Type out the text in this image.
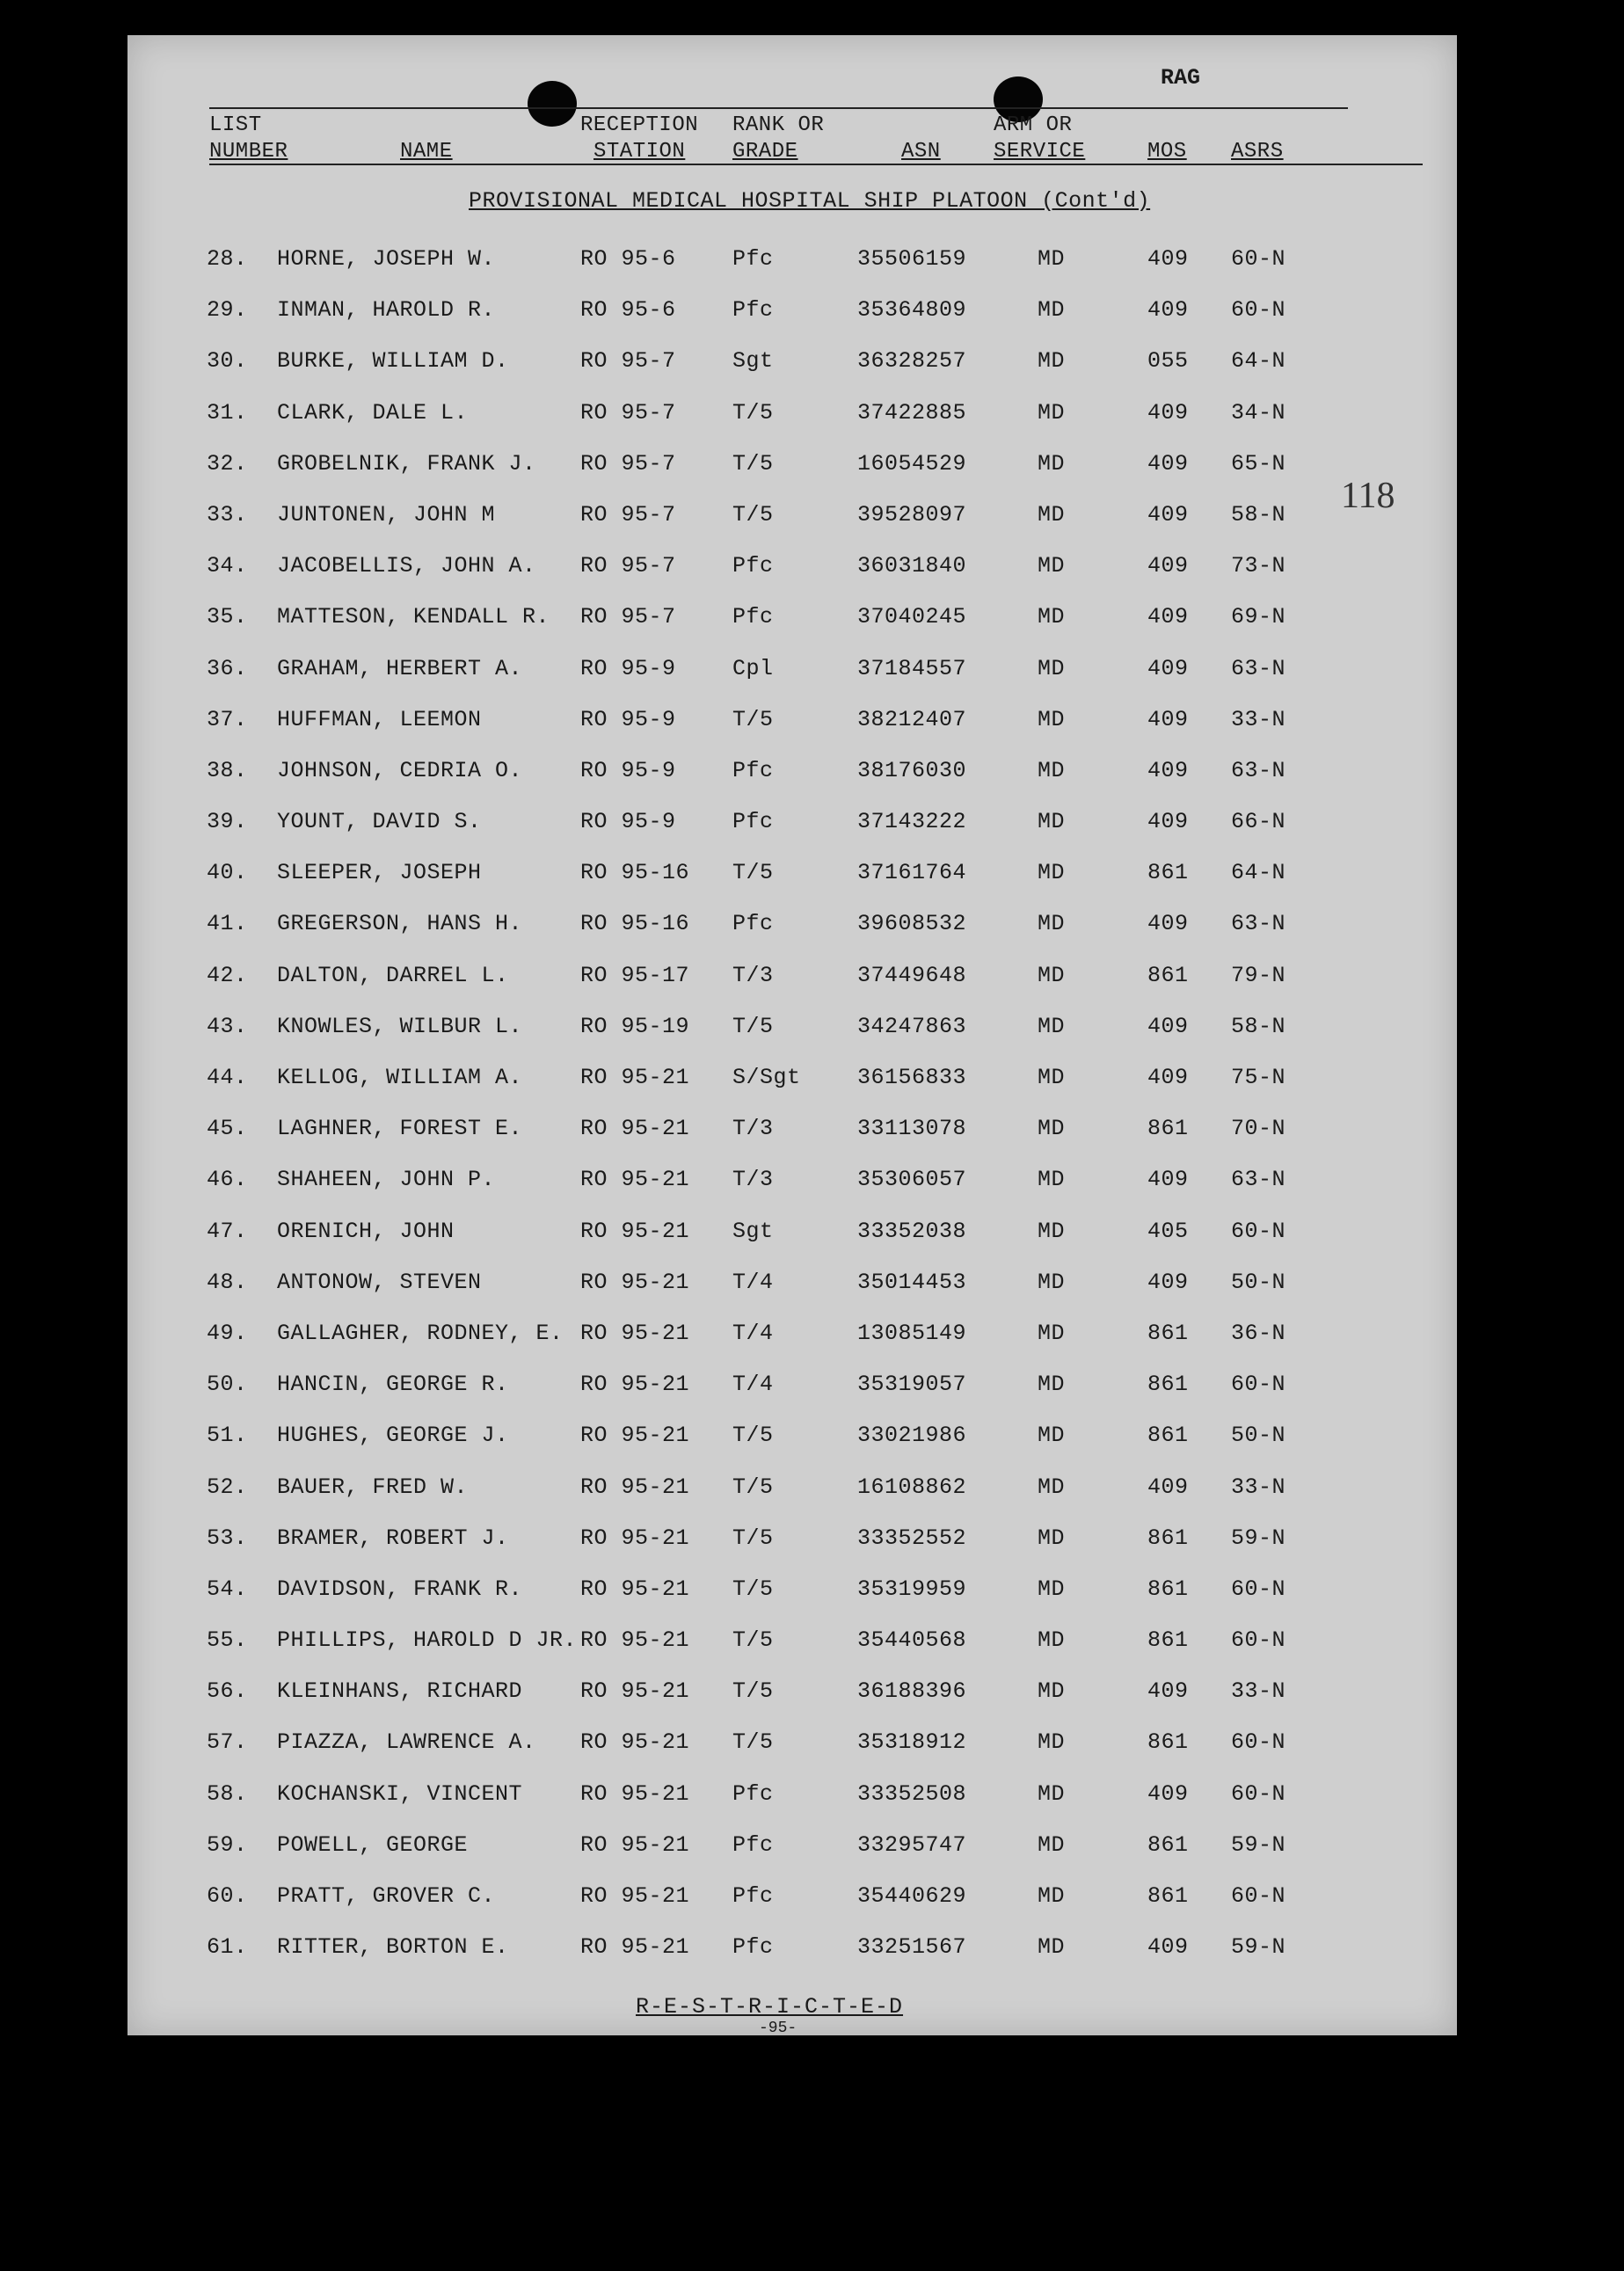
RAG
118
LIST
NUMBER	NAME
RECEPTION
STATION
RANK OR
GRADE	ASN
ARM OR
SERVICE	MOS ASRS
PROVISIONAL MEDICAL HOSPITAL SHIP PLATOON (Cont'd)
28. HORNE, JOSEPH W.	RO 95-6	Pfc	35506159	MD	409 60-N
29. INMAN, HAROLD R.	RO 95-6	Pfc	35364809	MD	409 60-N
30. BURKE, WILLIAM D.	RO 95-7	Sgt	36328257	MD	055 64-N
31. CLARK, DALE L.	RO 95-7	T/5	37422885	MD	409 34-N
32. GROBELNIK, FRANK J. RO 95-7	T/5	16054529	MD	409 65-N
33. JUNTONEN, JOHN M	RO 95-7	T/5	39528097	MD	409 58-N
34. JACOBELLIS, JOHN A. RO 95-7	Pfc	36031840	MD	409 73-N
35. MATTESON, KENDALL R. RO 95-7	Pfc	37040245	MD	409 69-N
36. GRAHAM, HERBERT A.	RO 95-9	Cpl	37184557	MD	409 63-N
37. HUFFMAN, LEEMON	RO 95-9	T/5	38212407	MD	409 33-N
38. JOHNSON, CEDRIA O.	RO 95-9	Pfc	38176030	MD	409 63-N
39. YOUNT, DAVID S.	RO 95-9	Pfc	37143222	MD	409 66-N
40. SLEEPER, JOSEPH	RO 95-16 T/5	37161764	MD	861 64-N
41. GREGERSON, HANS H.	RO 95-16 Pfc	39608532	MD	409 63-N
42. DALTON, DARREL L.	RO 95-17 T/3	37449648	MD	861 79-N
43. KNOWLES, WILBUR L.	RO 95-19 T/5	34247863	MD	409 58-N
44. KELLOG, WILLIAM A.	RO 95-21 S/Sgt	36156833	MD	409 75-N
45. LAGHNER, FOREST E.	RO 95-21 T/3	33113078	MD	861 70-N
46. SHAHEEN, JOHN P.	RO 95-21 T/3	35306057	MD	409 63-N
47. ORENICH, JOHN	RO 95-21 Sgt	33352038	MD	405 60-N
48. ANTONOW, STEVEN	RO 95-21 T/4	35014453	MD	409 50-N
49. GALLAGHER, RODNEY, E. RO 95-21 T/4	13085149	MD	861 36-N
50. HANCIN, GEORGE R.	RO 95-21 T/4	35319057	MD	861 60-N
51. HUGHES, GEORGE J.	RO 95-21 T/5	33021986	MD	861 50-N
52. BAUER, FRED W.	RO 95-21 T/5	16108862	MD	409 33-N
53. BRAMER, ROBERT J.	RO 95-21 T/5	33352552	MD	861 59-N
54. DAVIDSON, FRANK R.	RO 95-21 T/5	35319959	MD	861 60-N
55. PHILLIPS, HAROLD D JR. RO 95-21 T/5	35440568	MD	861 60-N
56. KLEINHANS, RICHARD	RO 95-21 T/5	36188396	MD	409 33-N
57. PIAZZA, LAWRENCE A. RO 95-21 T/5	35318912	MD	861 60-N
58. KOCHANSKI, VINCENT	RO 95-21 Pfc	33352508	MD	409 60-N
59. POWELL, GEORGE	RO 95-21 Pfc	33295747	MD	861 59-N
60. PRATT, GROVER C.	RO 95-21 Pfc	35440629	MD	861 60-N
61. RITTER, BORTON E.	RO 95-21 Pfc	33251567	MD	409 59-N
R-E-S-T-R-I-C-T-E-D
-95-
